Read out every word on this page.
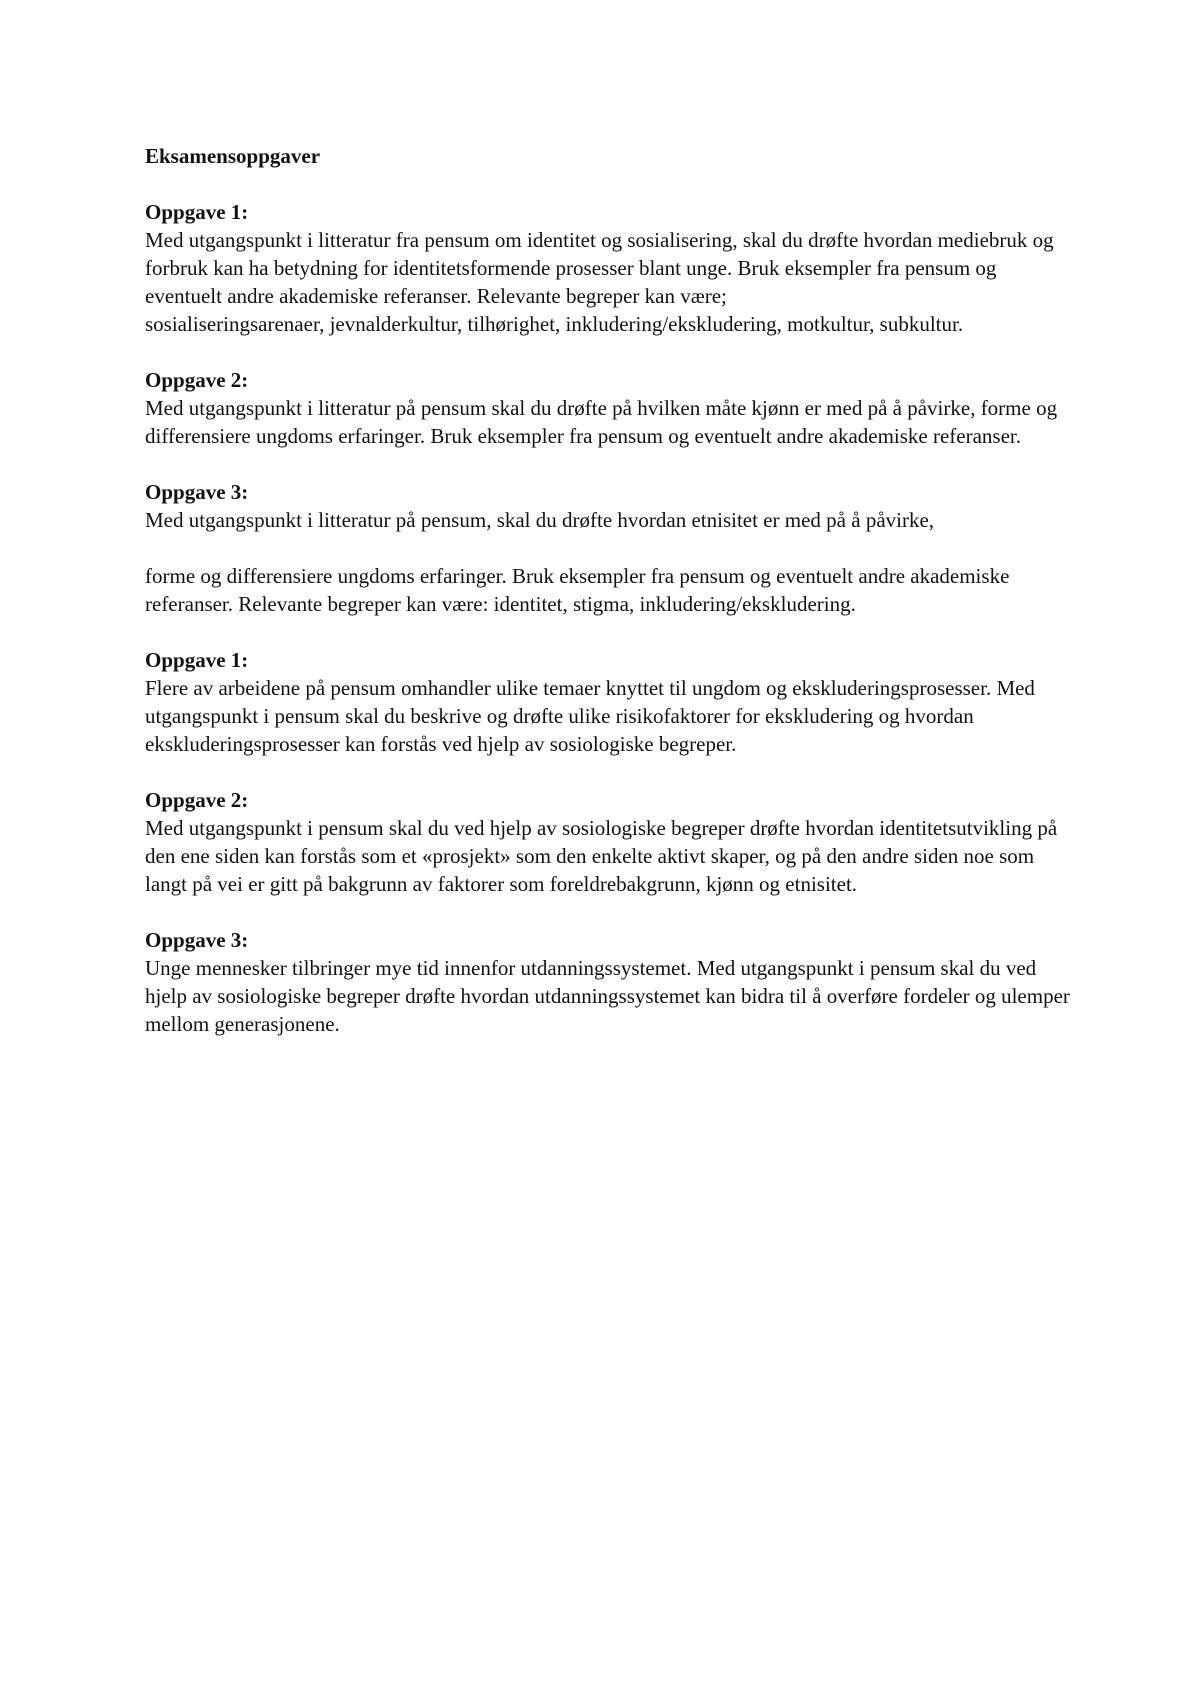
Eksamensoppgaver

Oppgave 1:

Med utgangspunkt i litteratur fra pensum om identitet og sosialisering, skal du drøfte hvordan mediebruk og forbruk kan ha betydning for identitetsformende prosesser blant unge. Bruk eksempler fra pensum og eventuelt andre akademiske referanser. Relevante begreper kan være;

sosialiseringsarenaer, jevnalderkultur, tilhørighet, inkludering/ekskludering, motkultur, subkultur.

Oppgave 2:

Med utgangspunkt i litteratur på pensum skal du drøfte på hvilken måte kjønn er med på å påvirke, forme og differensiere ungdoms erfaringer. Bruk eksempler fra pensum og eventuelt andre akademiske referanser.

Oppgave 3:

Med utgangspunkt i litteratur på pensum, skal du drøfte hvordan etnisitet er med på å påvirke,

forme og differensiere ungdoms erfaringer. Bruk eksempler fra pensum og eventuelt andre akademiske referanser. Relevante begreper kan være: identitet, stigma, inkludering/ekskludering.

Oppgave 1:

Flere av arbeidene på pensum omhandler ulike temaer knyttet til ungdom og ekskluderingsprosesser. Med utgangspunkt i pensum skal du beskrive og drøfte ulike risikofaktorer for ekskludering og hvordan ekskluderingsprosesser kan forstås ved hjelp av sosiologiske begreper.

Oppgave 2:

Med utgangspunkt i pensum skal du ved hjelp av sosiologiske begreper drøfte hvordan identitetsutvikling på den ene siden kan forstås som et «prosjekt» som den enkelte aktivt skaper, og på den andre siden noe som langt på vei er gitt på bakgrunn av faktorer som foreldrebakgrunn, kjønn og etnisitet.

Oppgave 3:

Unge mennesker tilbringer mye tid innenfor utdanningssystemet. Med utgangspunkt i pensum skal du ved hjelp av sosiologiske begreper drøfte hvordan utdanningssystemet kan bidra til å overføre fordeler og ulemper mellom generasjonene.
